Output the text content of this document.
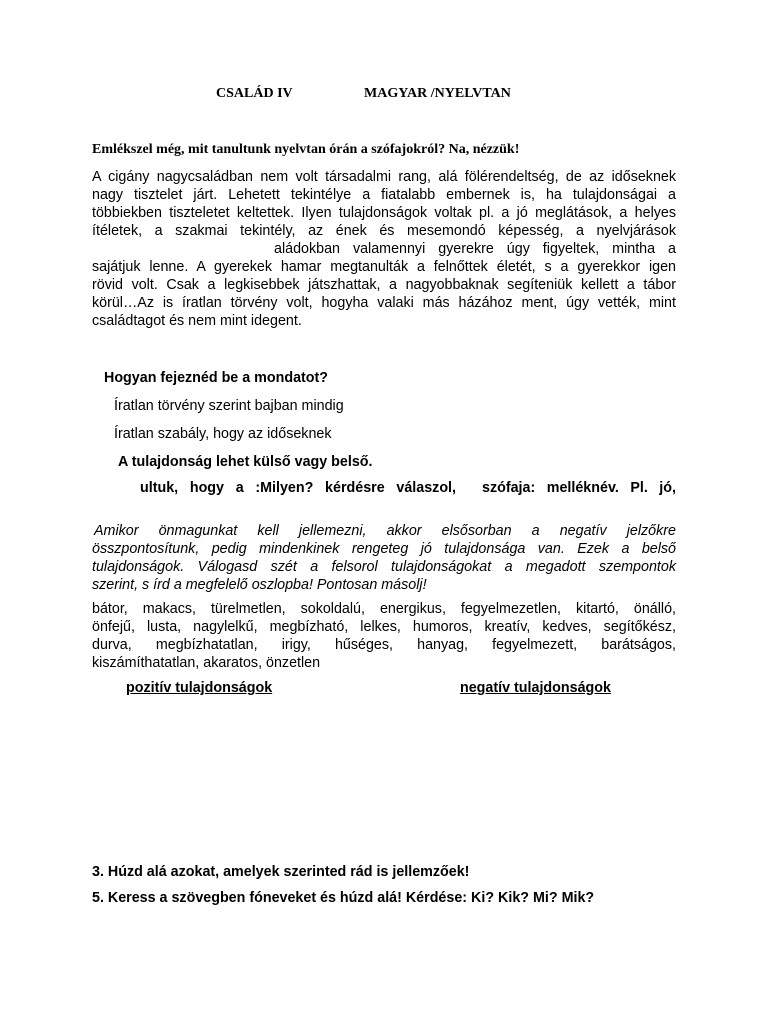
CSALÁD IV	MAGYAR /NYELVTAN
Emlékszel még, mit tanultunk nyelvtan órán a szófajokról? Na, nézzük!
A cigány nagycsaládban nem volt társadalmi rang, alá fölérendeltség, de az időseknek
nagy tisztelet járt. Lehetett tekintélye a fiatalabb embernek is, ha tulajdonságai a
többiekben tiszteletet keltettek. Ilyen tulajdonságok voltak pl. a jó meglátások, a helyes
ítéletek, a szakmai tekintély, az ének és mesemondó képesség, a nyelvjárások
aládokban valamennyi gyerekre úgy figyeltek, mintha a
sajátjuk lenne. A gyerekek hamar megtanulták a felnőttek életét, s a gyerekkor igen
rövid volt. Csak a legkisebbek játszhattak, a nagyobbaknak segíteniük kellett a tábor
körül…Az is íratlan törvény volt, hogyha valaki más házához ment, úgy vették, mint
családtagot és nem mint idegent.
Hogyan fejeznéd be a mondatot?
Íratlan törvény szerint bajban mindig
Íratlan szabály, hogy az időseknek
A tulajdonság lehet külső vagy belső.
ultuk, hogy a :Milyen? kérdésre válaszol, szófaja: melléknév. Pl. jó,
Amikor önmagunkat kell jellemezni, akkor elsősorban a negatív jelzőkre
összpontosítunk, pedig mindenkinek rengeteg jó tulajdonsága van. Ezek a belső
tulajdonságok. Válogasd szét a felsorol tulajdonságokat a megadott szempontok
szerint, s írd a megfelelő oszlopba! Pontosan másolj!
bátor, makacs, türelmetlen, sokoldalú, energikus, fegyelmezetlen, kitartó, önálló,
önfejű, lusta, nagylelkű, megbízható, lelkes, humoros, kreatív, kedves, segítőkész,
durva, megbízhatatlan, irigy, hűséges, hanyag, fegyelmezett, barátságos,
kiszámíthatatlan, akaratos, önzetlen
pozitív tulajdonságok	negatív tulajdonságok
3. Húzd alá azokat, amelyek szerinted rád is jellemzőek!
5. Keress a szövegben fóneveket és húzd alá! Kérdése: Ki? Kik? Mi? Mik?
